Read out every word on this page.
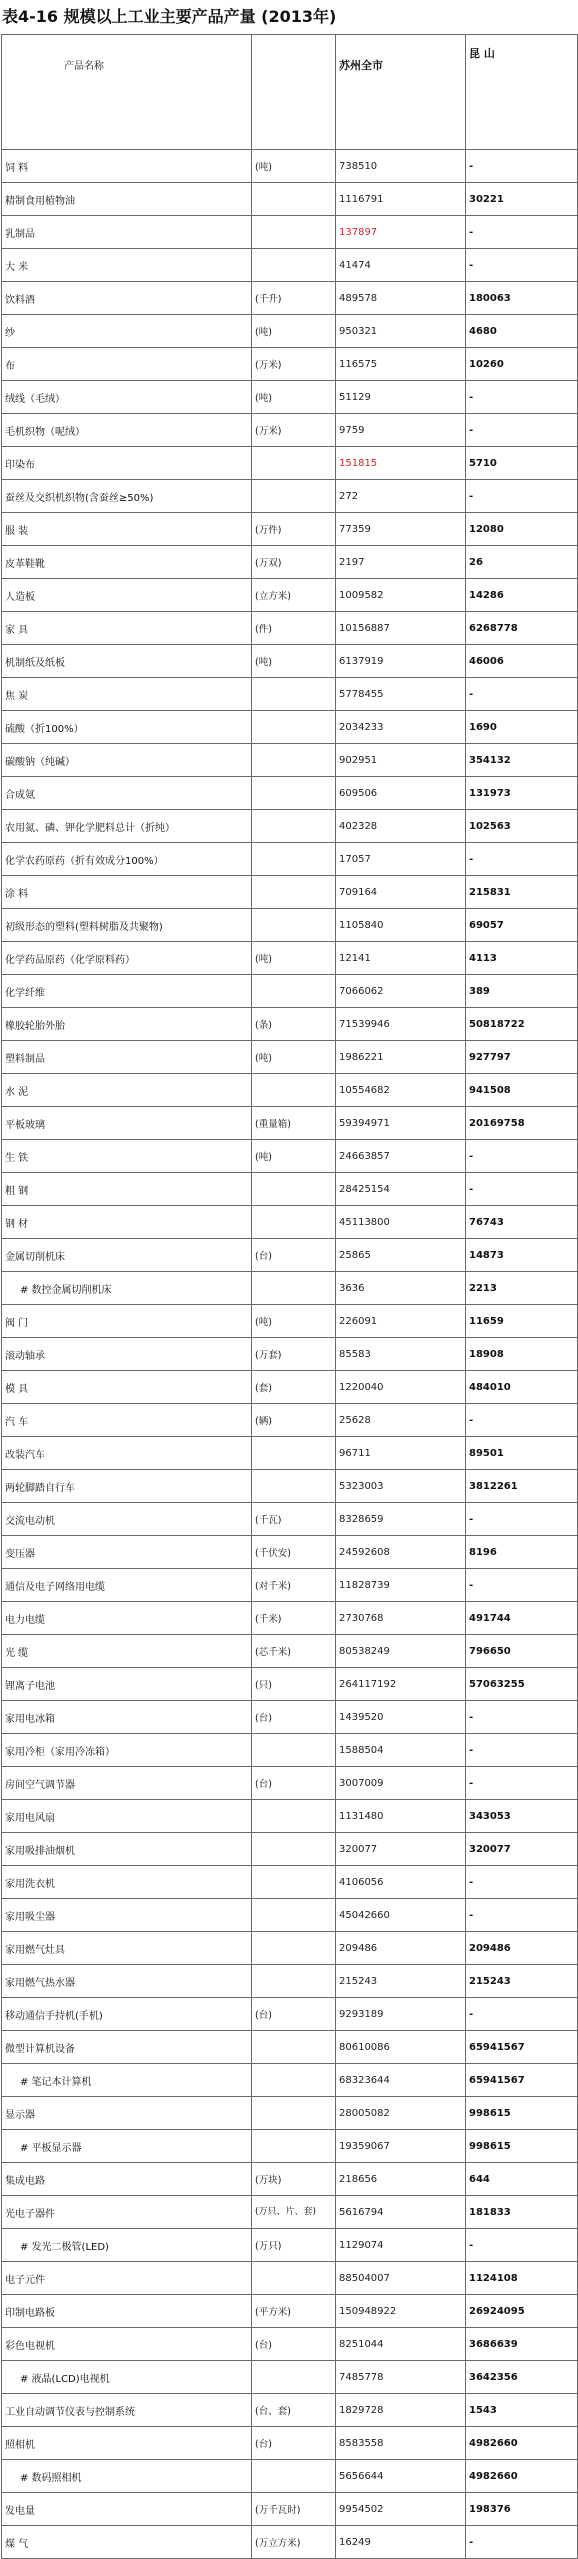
表4-16 规模以上工业主要产品产量 (2013年)
产品名称		苏州全市	昆 山
饲 料	(吨)	738510	-
精制食用植物油		1116791	30221
乳制品		137897	-
大 米		41474	-
饮料酒	(千升)	489578	180063
纱	(吨)	950321	4680
布	(万米)	116575	10260
绒线（毛绒）	(吨)	51129	-
毛机织物（呢绒）	(万米)	9759	-
印染布		151815	5710
蚕丝及交织机织物(含蚕丝≥50%)		272	-
服 装	(万件)	77359	12080
皮革鞋靴	(万双)	2197	26
人造板	(立方米)	1009582	14286
家 具	(件)	10156887	6268778
机制纸及纸板	(吨)	6137919	46006
焦 炭		5778455	-
硫酸（折100%）		2034233	1690
碳酸钠（纯碱）		902951	354132
合成氨		609506	131973
农用氮、磷、钾化学肥料总计（折纯）		402328	102563
化学农药原药（折有效成分100%）		17057	-
涂 料		709164	215831
初级形态的塑料(塑料树脂及共聚物)		1105840	69057
化学药品原药（化学原料药）	(吨)	12141	4113
化学纤维		7066062	389
橡胶轮胎外胎	(条)	71539946	50818722
塑料制品	(吨)	1986221	927797
水 泥		10554682	941508
平板玻璃	(重量箱)	59394971	20169758
生 铁	(吨)	24663857	-
粗 钢		28425154	-
钢 材		45113800	76743
金属切削机床	(台)	25865	14873
# 数控金属切削机床		3636	2213
阀 门	(吨)	226091	11659
滚动轴承	(万套)	85583	18908
模 具	(套)	1220040	484010
汽 车	(辆)	25628	-
改装汽车		96711	89501
两轮脚踏自行车		5323003	3812261
交流电动机	(千瓦)	8328659	-
变压器	(千伏安)	24592608	8196
通信及电子网络用电缆	(对千米)	11828739	-
电力电缆	(千米)	2730768	491744
光 缆	(芯千米)	80538249	796650
锂离子电池	(只)	264117192	57063255
家用电冰箱	(台)	1439520	-
家用冷柜（家用冷冻箱）		1588504	-
房间空气调节器	(台)	3007009	-
家用电风扇		1131480	343053
家用吸排油烟机		320077	320077
家用洗衣机		4106056	-
家用吸尘器		45042660	-
家用燃气灶具		209486	209486
家用燃气热水器		215243	215243
移动通信手持机(手机)	(台)	9293189	-
微型计算机设备		80610086	65941567
# 笔记本计算机		68323644	65941567
显示器		28005082	998615
# 平板显示器		19359067	998615
集成电路	(万块)	218656	644
光电子器件	(万只、片、套)	5616794	181833
# 发光二极管(LED)	(万只)	1129074	-
电子元件		88504007	1124108
印制电路板	(平方米)	150948922	26924095
彩色电视机	(台)	8251044	3686639
# 液晶(LCD)电视机		7485778	3642356
工业自动调节仪表与控制系统	(台、套)	1829728	1543
照相机	(台)	8583558	4982660
# 数码照相机		5656644	4982660
发电量	(万千瓦时)	9954502	198376
煤 气	(万立方米)	16249	-
